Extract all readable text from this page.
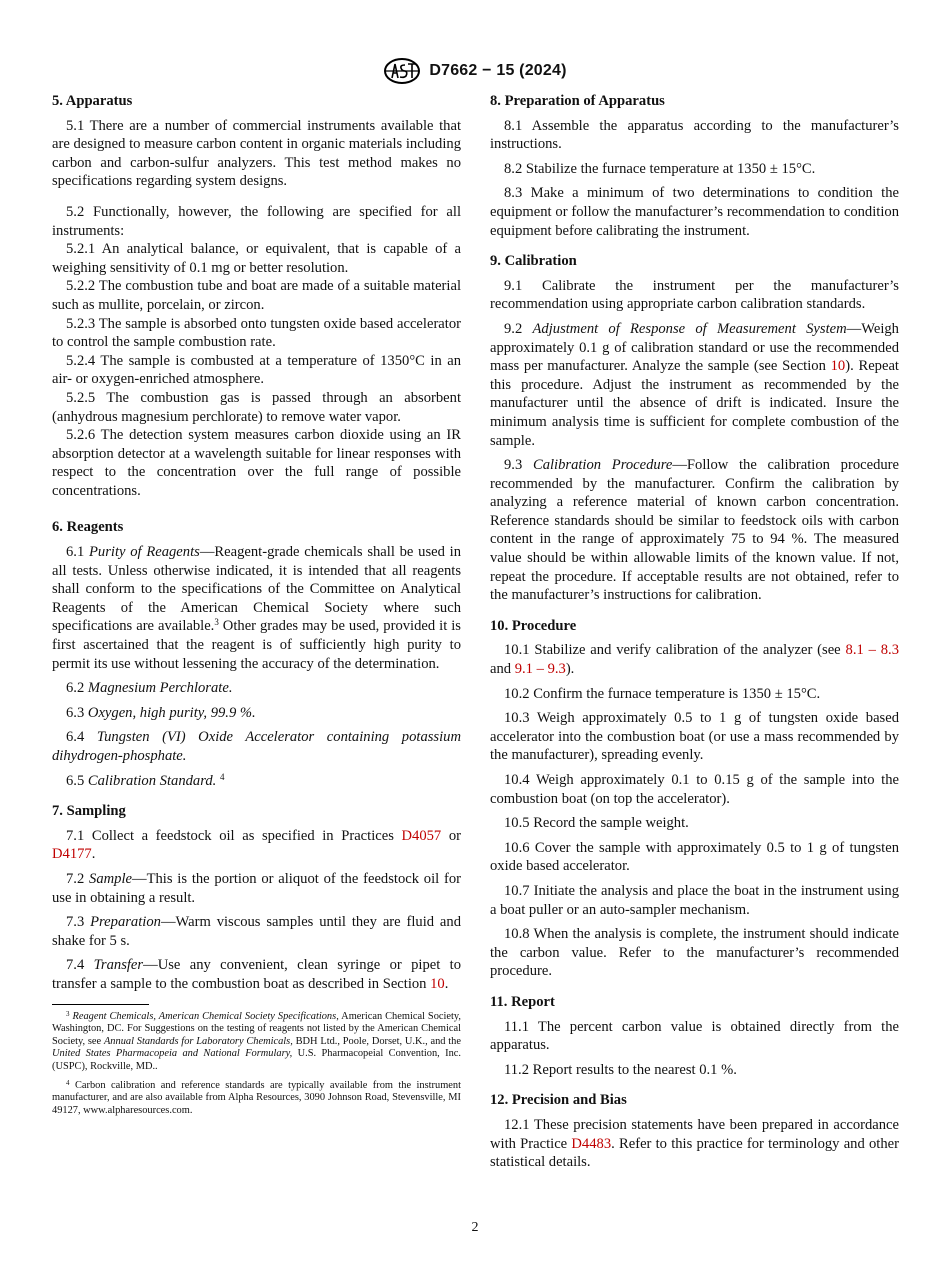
D7662 − 15 (2024)
5. Apparatus

5.1 There are a number of commercial instruments available that are designed to measure carbon content in organic materials including carbon and carbon-sulfur analyzers. This test method makes no specifications regarding system designs.

5.2 Functionally, however, the following are specified for all instruments:

5.2.1 An analytical balance, or equivalent, that is capable of a weighing sensitivity of 0.1 mg or better resolution.

5.2.2 The combustion tube and boat are made of a suitable material such as mullite, porcelain, or zircon.

5.2.3 The sample is absorbed onto tungsten oxide based accelerator to control the sample combustion rate.

5.2.4 The sample is combusted at a temperature of 1350°C in an air- or oxygen-enriched atmosphere.

5.2.5 The combustion gas is passed through an absorbent (anhydrous magnesium perchlorate) to remove water vapor.

5.2.6 The detection system measures carbon dioxide using an IR absorption detector at a wavelength suitable for linear responses with respect to the concentration over the full range of possible concentrations.

6. Reagents

6.1 Purity of Reagents—Reagent-grade chemicals shall be used in all tests. Unless otherwise indicated, it is intended that all reagents shall conform to the specifications of the Committee on Analytical Reagents of the American Chemical Society where such specifications are available.$^3$ Other grades may be used, provided it is first ascertained that the reagent is of sufficiently high purity to permit its use without lessening the accuracy of the determination.

6.2 Magnesium Perchlorate.

6.3 Oxygen, high purity, 99.9 %.

6.4 Tungsten (VI) Oxide Accelerator containing potassium dihydrogen-phosphate.

6.5 Calibration Standard. $^4$

7. Sampling

7.1 Collect a feedstock oil as specified in Practices D4057 or D4177.

7.2 Sample—This is the portion or aliquot of the feedstock oil for use in obtaining a result.

7.3 Preparation—Warm viscous samples until they are fluid and shake for 5 s.

7.4 Transfer—Use any convenient, clean syringe or pipet to transfer a sample to the combustion boat as described in Section 10.

$^3$ Reagent Chemicals, American Chemical Society Specifications, American Chemical Society, Washington, DC. For Suggestions on the testing of reagents not listed by the American Chemical Society, see Annual Standards for Laboratory Chemicals, BDH Ltd., Poole, Dorset, U.K., and the United States Pharmacopeia and National Formulary, U.S. Pharmacopeial Convention, Inc. (USPC), Rockville, MD..

$^4$ Carbon calibration and reference standards are typically available from the instrument manufacturer, and are also available from Alpha Resources, 3090 Johnson Road, Stevensville, MI 49127, www.alpharesources.com.

8. Preparation of Apparatus

8.1 Assemble the apparatus according to the manufacturer’s instructions.

8.2 Stabilize the furnace temperature at 1350 ± 15°C.

8.3 Make a minimum of two determinations to condition the equipment or follow the manufacturer’s recommendation to condition equipment before calibrating the instrument.

9. Calibration

9.1 Calibrate the instrument per the manufacturer’s recommendation using appropriate carbon calibration standards.

9.2 Adjustment of Response of Measurement System—Weigh approximately 0.1 g of calibration standard or use the recommended mass per manufacturer. Analyze the sample (see Section 10). Repeat this procedure. Adjust the instrument as recommended by the manufacturer until the absence of drift is indicated. Insure the minimum analysis time is sufficient for complete combustion of the sample.

9.3 Calibration Procedure—Follow the calibration procedure recommended by the manufacturer. Confirm the calibration by analyzing a reference material of known carbon concentration. Reference standards should be similar to feedstock oils with carbon content in the range of approximately 75 to 94 %. The measured value should be within allowable limits of the known value. If not, repeat the procedure. If acceptable results are not obtained, refer to the manufacturer’s instructions for calibration.

10. Procedure

10.1 Stabilize and verify calibration of the analyzer (see 8.1 – 8.3 and 9.1 – 9.3).

10.2 Confirm the furnace temperature is 1350 ± 15°C.

10.3 Weigh approximately 0.5 to 1 g of tungsten oxide based accelerator into the combustion boat (or use a mass recommended by the manufacturer), spreading evenly.

10.4 Weigh approximately 0.1 to 0.15 g of the sample into the combustion boat (on top the accelerator).

10.5 Record the sample weight.

10.6 Cover the sample with approximately 0.5 to 1 g of tungsten oxide based accelerator.

10.7 Initiate the analysis and place the boat in the instrument using a boat puller or an auto-sampler mechanism.

10.8 When the analysis is complete, the instrument should indicate the carbon value. Refer to the manufacturer’s recommended procedure.

11. Report

11.1 The percent carbon value is obtained directly from the apparatus.

11.2 Report results to the nearest 0.1 %.

12. Precision and Bias

12.1 These precision statements have been prepared in accordance with Practice D4483. Refer to this practice for terminology and other statistical details.

2
